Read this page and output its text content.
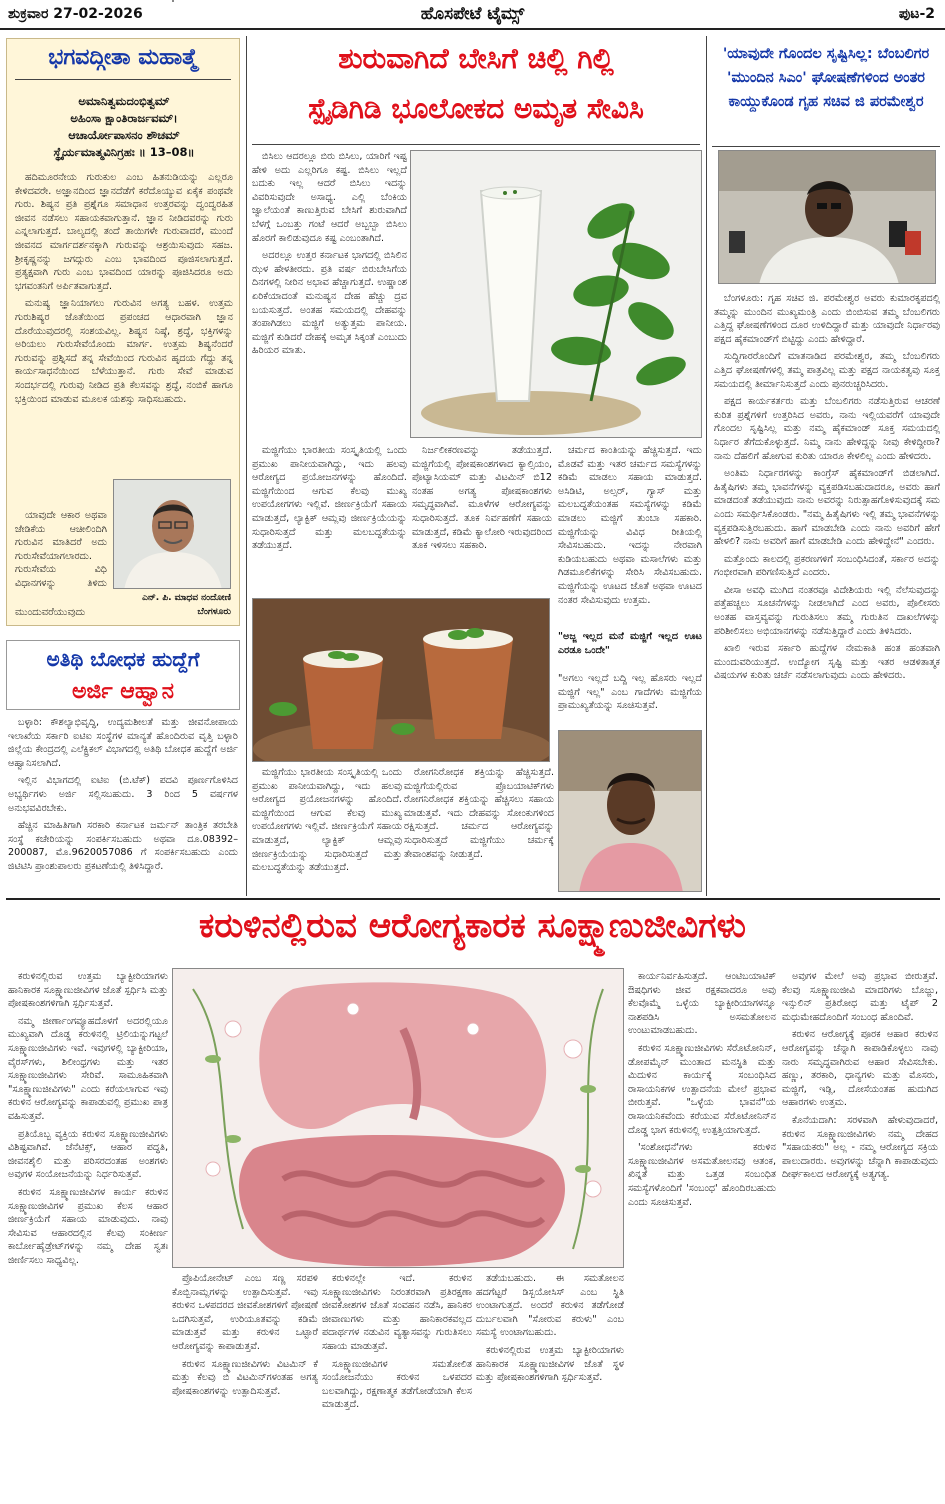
ಹೊಸಪೇಟೆ ಟೈಮ್ಸ್
ಶುಕ್ರವಾರ 27-02-2026	ಪುಟ-2
ಭಗವದ್ಗೀತಾ ಮಹಾತ್ಮೆ
ಅಮಾನಿತ್ವಮದಂಭಿತ್ವಮ್
ಅಹಿಂಸಾ ಕ್ಷಾಂತಿರಾರ್ಜವಮ್।
ಆಚಾರ್ಯೋಪಾಸನಂ ಶೌಚಮ್
ಸ್ಥೈರ್ಯಮಾತ್ಮವಿನಿಗ್ರಹಃ ॥ 13–08॥

ಹದಿಮೂರನೇಯ ಗುರುಕುಲ ಎಂಬ ಹಿತನುಡಿಯನ್ನು ಎಲ್ಲರೂ ಕೇಳಿದವರೇ. ಅಜ್ಞಾನದಿಂದ ಜ್ಞಾನದೆಡೆಗೆ ಕರೆದೊಯ್ಯುವ ಏಕೈಕ ಪಂಥವೇ ಗುರು. ಶಿಷ್ಯನ ಪ್ರತಿ ಪ್ರಶ್ನೆಗೂ ಸಮಾಧಾನ ಉತ್ತರವನ್ನು ದ್ವಂದ್ವರಹಿತ ಜೀವನ ನಡೆಸಲು ಸಹಾಯಕವಾಗುತ್ತಾನೆ. ಜ್ಞಾನ ನೀಡಿದವರನ್ನು ಗುರು ಎನ್ನಲಾಗುತ್ತದೆ. ಬಾಲ್ಯದಲ್ಲಿ ತಂದೆ ತಾಯಿಗಳೇ ಗುರುವಾದರೆ, ಮುಂದೆ ಜೀವನದ ಮಾರ್ಗದರ್ಶನಕ್ಕಾಗಿ ಗುರುವನ್ನು ಆಶ್ರಯಿಸುವುದು ಸಹಜ. ಶ್ರೀಕೃಷ್ಣನನ್ನು ಜಗದ್ಗುರು ಎಂಬ ಭಾವದಿಂದ ಪೂಜಿಸಲಾಗುತ್ತದೆ. ಪ್ರತ್ಯಕ್ಷವಾಗಿ ಗುರು ಎಂಬ ಭಾವದಿಂದ ಯಾರನ್ನು ಪೂಜಿಸಿದರೂ ಅದು ಭಗವಂತನಿಗೆ ಅರ್ಪಿತವಾಗುತ್ತದೆ.

ಮನುಷ್ಯ ಜ್ಞಾನಿಯಾಗಲು ಗುರುವಿನ ಅಗತ್ಯ ಬಹಳ. ಉತ್ತಮ ಗುರುಶಿಷ್ಯರ ಜೊತೆಯಿಂದ ಪ್ರಪಂಚದ ಆಧಾರವಾಗಿ ಜ್ಞಾನ ದೊರೆಯುವುದರಲ್ಲಿ ಸಂಶಯವಿಲ್ಲ. ಶಿಷ್ಯನ ನಿಷ್ಠೆ, ಶ್ರದ್ಧೆ, ಭಕ್ತಿಗಳನ್ನು ಅರಿಯಲು ಗುರುಸೇವೆಯೊಂದು ಮಾರ್ಗ. ಉತ್ತಮ ಶಿಷ್ಯನೆಂದರೆ ಗುರುವನ್ನು ಪ್ರಶ್ನಿಸದೆ ತನ್ನ ಸೇವೆಯಿಂದ ಗುರುವಿನ ಹೃದಯ ಗೆದ್ದು ತನ್ನ ಕಾರ್ಯಸಾಧನೆಯಿಂದ ಬೆಳೆಯುತ್ತಾನೆ. ಗುರು ಸೇವೆ ಮಾಡುವ ಸಂದರ್ಭದಲ್ಲಿ ಗುರುವು ನೀಡಿದ ಪ್ರತಿ ಕೆಲಸವನ್ನು ಶ್ರದ್ಧೆ, ನಂಬಿಕೆ ಹಾಗೂ ಭಕ್ತಿಯಿಂದ ಮಾಡುವ ಮೂಲಕ ಯಶಸ್ಸು ಸಾಧಿಸಬಹುದು.

ಯಾವುದೇ ಆಕಾರ ಅಥವಾ ಜೇಡಿಕೆಯ ಆಚೀಲಿಂದಿಗಿ ಗುರುವಿನ ಮಾತಿದರೆ ಅದು ಗುರುಸೇವೆಯಾಗಲಾರದು. ಗುರುಸೇವೆಯ ವಿಧಿ ವಿಧಾನಗಳನ್ನು ತಿಳಿದು

ಎನ್. ಪಿ. ಮಾಧವ ನಂದೋಣಿ
ಬೆಂಗಳೂರು
ಮುಂದುವರೆಯುವುದು
ಅತಿಥಿ ಬೋಧಕ ಹುದ್ದೆಗೆ
ಅರ್ಜಿ ಆಹ್ವಾನ

ಬಳ್ಳಾರಿ: ಕೌಶಲ್ಯಾಭಿವೃದ್ಧಿ, ಉದ್ಯಮಶೀಲತೆ ಮತ್ತು ಜೀವನೋಪಾಯ ಇಲಾಖೆಯ ಸರ್ಕಾರಿ ಐಟಿಐ ಸಂಸ್ಥೆಗಳ ಮಾನ್ಯತೆ ಹೊಂದಿರುವ ವೃತ್ತಿ ಬಳ್ಳಾರಿ ಜಿಲ್ಲೆಯ ಕೇಂದ್ರದಲ್ಲಿ ಎಲೆಕ್ಟ್ರಿಕಲ್ ವಿಭಾಗದಲ್ಲಿ ಅತಿಥಿ ಬೋಧಕ ಹುದ್ದೆಗೆ ಅರ್ಜಿ ಆಹ್ವಾನಿಸಲಾಗಿದೆ.

ಇಲ್ಲಿನ ವಿಭಾಗದಲ್ಲಿ ಐಟಿಐ (ಬಿ.ಟೆಕ್) ಪದವಿ ಪೂರ್ಣಗೊಳಿಸಿದ ಅಭ್ಯರ್ಥಿಗಳು ಅರ್ಜಿ ಸಲ್ಲಿಸಬಹುದು. 3 ರಿಂದ 5 ವರ್ಷಗಳ ಅನುಭವವಿರಬೇಕು.

ಹೆಚ್ಚಿನ ಮಾಹಿತಿಗಾಗಿ ಸರಕಾರಿ ಕರ್ನಾಟಕ ಜರ್ಮನ್ ತಾಂತ್ರಿಕ ತರಬೇತಿ ಸಂಸ್ಥೆ ಕಚೇರಿಯನ್ನು ಸಂಪರ್ಕಿಸಬಹುದು ಅಥವಾ ದೂ.08392–200087, ಮೊ.9620057086 ಗೆ ಸಂಪರ್ಕಿಸಬಹುದು ಎಂದು ಜಿಟಿಟಿಸಿ ಪ್ರಾಂಶುಪಾಲರು ಪ್ರಕಟಣೆಯಲ್ಲಿ ತಿಳಿಸಿದ್ದಾರೆ.

ಶುರುವಾಗಿದೆ ಬೇಸಿಗೆ ಚಿಲ್ಲಿ ಗಿಲ್ಲಿ
ಸ್ಪೈಡಿಗಿಡಿ ಭೂಲೋಕದ ಅಮೃತ ಸೇವಿಸಿ

ಬಿಸಿಲು ಆದರಲ್ಲೂ ಬಿರು ಬಿಸಿಲು, ಯಾರಿಗೆ ಇಷ್ಟ ಹೇಳಿ ಅದು ಎಲ್ಲರಿಗೂ ಕಷ್ಟ. ಬಿಸಿಲು ಇಲ್ಲದೆ ಬದುಕು ಇಲ್ಲ ಆದರೆ ಬಿಸಿಲು ಇದನ್ನು ವಿವರಿಸುವುದೇ ಅಸಾಧ್ಯ. ಎಲ್ಲಿ ಬೆಂಕಿಯ ಜ್ವಾಲೆಯಂತೆ ಕಾಣುತ್ತಿರುವ ಬೇಸಿಗೆ ಶುರುವಾಗಿದೆ ಬೆಳಗ್ಗೆ ಒಂಬತ್ತು ಗಂಟೆ ಆದರೆ ಅಬ್ಬಬ್ಬಾ ಬಿಸಿಲು ಹೊರಗೆ ಕಾಲಿಡುವುದೂ ಕಷ್ಟ ಎಂಬಂತಾಗಿದೆ.

ಅದರಲ್ಲೂ ಉತ್ತರ ಕರ್ನಾಟಕ ಭಾಗದಲ್ಲಿ ಬಿಸಿಲಿನ ಝಳ ಹೇಳತೀರದು. ಪ್ರತಿ ವರ್ಷ ಬಿರುಬೇಸಿಗೆಯ ದಿನಗಳಲ್ಲಿ ನೀರಿನ ಅಭಾವ ಹೆಚ್ಚಾಗುತ್ತದೆ. ಉಷ್ಣಾಂಶ ಏರಿಕೆಯಾದಂತೆ ಮನುಷ್ಯನ ದೇಹ ಹೆಚ್ಚು ದ್ರವ ಬಯಸುತ್ತದೆ. ಅಂತಹ ಸಮಯದಲ್ಲಿ ದೇಹವನ್ನು ತಂಪಾಗಿಡಲು ಮಜ್ಜಿಗೆ ಅತ್ಯುತ್ತಮ ಪಾನೀಯ. ಮಜ್ಜಿಗೆ ಕುಡಿದರೆ ದೇಹಕ್ಕೆ ಅಮೃತ ಸಿಕ್ಕಂತೆ ಎಂಬುದು ಹಿರಿಯರ ಮಾತು.

ಮಜ್ಜಿಗೆಯು ಭಾರತೀಯ ಸಂಸ್ಕೃತಿಯಲ್ಲಿ ಒಂದು ಪ್ರಮುಖ ಪಾನೀಯವಾಗಿದ್ದು, ಇದು ಹಲವು ಆರೋಗ್ಯದ ಪ್ರಯೋಜನಗಳನ್ನು ಹೊಂದಿದೆ. ಮಜ್ಜಿಗೆಯಿಂದ ಆಗುವ ಕೆಲವು ಮುಖ್ಯ ಉಪಯೋಗಗಳು ಇಲ್ಲಿವೆ. ಜೀರ್ಣಕ್ರಿಯೆಗೆ ಸಹಾಯ ಮಾಡುತ್ತದೆ, ಲ್ಯಾಕ್ಟಿಕ್ ಆಮ್ಲವು ಜೀರ್ಣಕ್ರಿಯೆಯನ್ನು ಸುಧಾರಿಸುತ್ತದೆ ಮತ್ತು ಮಲಬದ್ಧತೆಯನ್ನು ತಡೆಯುತ್ತದೆ.

ನಿರ್ಜಲೀಕರಣವನ್ನು ತಡೆಯುತ್ತದೆ. ಮಜ್ಜಿಗೆಯಲ್ಲಿ ಪೋಷಕಾಂಶಗಳಾದ ಕ್ಯಾಲ್ಸಿಯಂ, ಪೊಟ್ಯಾಸಿಯಮ್ ಮತ್ತು ವಿಟಮಿನ್ ಬಿ12 ನಂತಹ ಅಗತ್ಯ ಪೋಷಕಾಂಶಗಳು ಸಮೃದ್ಧವಾಗಿವೆ. ಮೂಳೆಗಳ ಆರೋಗ್ಯವನ್ನು ಸುಧಾರಿಸುತ್ತದೆ. ತೂಕ ನಿರ್ವಹಣೆಗೆ ಸಹಾಯ ಮಾಡುತ್ತದೆ, ಕಡಿಮೆ ಕ್ಯಾಲೋರಿ ಇರುವುದರಿಂದ ತೂಕ ಇಳಿಸಲು ಸಹಕಾರಿ.

ಚರ್ಮದ ಕಾಂತಿಯನ್ನು ಹೆಚ್ಚಿಸುತ್ತದೆ. ಇದು ಮೊಡವೆ ಮತ್ತು ಇತರ ಚರ್ಮದ ಸಮಸ್ಯೆಗಳನ್ನು ಕಡಿಮೆ ಮಾಡಲು ಸಹಾಯ ಮಾಡುತ್ತದೆ. ಅಸಿಡಿಟಿ, ಅಲ್ಸರ್, ಗ್ಯಾಸ್ ಮತ್ತು ಮಲಬದ್ಧತೆಯಂತಹ ಸಮಸ್ಯೆಗಳನ್ನು ಕಡಿಮೆ ಮಾಡಲು ಮಜ್ಜಿಗೆ ತುಂಬಾ ಸಹಕಾರಿ. ಮಜ್ಜಿಗೆಯನ್ನು ವಿವಿಧ ರೀತಿಯಲ್ಲಿ ಸೇವಿಸಬಹುದು. ಇದನ್ನು ನೇರವಾಗಿ ಕುಡಿಯಬಹುದು ಅಥವಾ ಮಸಾಲೆಗಳು ಮತ್ತು ಗಿಡಮೂಲಿಕೆಗಳನ್ನು ಸೇರಿಸಿ ಸೇವಿಸಬಹುದು. ಮಜ್ಜಿಗೆಯನ್ನು ಊಟದ ಜೊತೆ ಅಥವಾ ಊಟದ ನಂತರ ಸೇವಿಸುವುದು ಉತ್ತಮ.

"ಅಜ್ಜ ಇಲ್ಲದ ಮನೆ ಮಜ್ಜಿಗೆ ಇಲ್ಲದ ಊಟ ಎರಡೂ ಒಂದೇ"
"ಅಗಲು ಇಲ್ಲದೆ ಬದ್ದಿ ಇಲ್ಲ ಹೊಸರು ಇಲ್ಲದೆ ಮಜ್ಜಿಗೆ ಇಲ್ಲ" ಎಂಬ ಗಾದೆಗಳು ಮಜ್ಜಿಗೆಯ ಪ್ರಾಮುಖ್ಯತೆಯನ್ನು ಸೂಚಿಸುತ್ತವೆ.

ಮಜ್ಜಿಗೆಯು ಭಾರತೀಯ ಸಂಸ್ಕೃತಿಯಲ್ಲಿ ಒಂದು ಪ್ರಮುಖ ಪಾನೀಯವಾಗಿದ್ದು, ಇದು ಹಲವು ಆರೋಗ್ಯದ ಪ್ರಯೋಜನಗಳನ್ನು ಹೊಂದಿದೆ. ಮಜ್ಜಿಗೆಯಿಂದ ಆಗುವ ಕೆಲವು ಮುಖ್ಯ ಉಪಯೋಗಗಳು ಇಲ್ಲಿವೆ. ಜೀರ್ಣಕ್ರಿಯೆಗೆ ಸಹಾಯ ಮಾಡುತ್ತದೆ, ಲ್ಯಾಕ್ಟಿಕ್ ಆಮ್ಲವು ಜೀರ್ಣಕ್ರಿಯೆಯನ್ನು ಸುಧಾರಿಸುತ್ತದೆ ಮತ್ತು ಮಲಬದ್ಧತೆಯನ್ನು ತಡೆಯುತ್ತದೆ.

ರೋಗನಿರೋಧಕ ಶಕ್ತಿಯನ್ನು ಹೆಚ್ಚಿಸುತ್ತದೆ. ಮಜ್ಜಿಗೆಯಲ್ಲಿರುವ ಪ್ರೊಬಯಾಟಿಕ್‌ಗಳು ರೋಗನಿರೋಧಕ ಶಕ್ತಿಯನ್ನು ಹೆಚ್ಚಿಸಲು ಸಹಾಯ ಮಾಡುತ್ತವೆ. ಇದು ದೇಹವನ್ನು ಸೋಂಕುಗಳಿಂದ ರಕ್ಷಿಸುತ್ತದೆ. ಚರ್ಮದ ಆರೋಗ್ಯವನ್ನು ಸುಧಾರಿಸುತ್ತದೆ ಮಜ್ಜಿಗೆಯು ಚರ್ಮಕ್ಕೆ ತೇವಾಂಶವನ್ನು ನೀಡುತ್ತದೆ.

'ಯಾವುದೇ ಗೊಂದಲ ಸೃಷ್ಟಿಸಿಲ್ಲ: ಬೆಂಬಲಿಗರ 'ಮುಂದಿನ ಸಿಎಂ' ಘೋಷಣೆಗಳಿಂದ ಅಂತರ ಕಾಯ್ದುಕೊಂಡ ಗೃಹ ಸಚಿವ ಜಿ ಪರಮೇಶ್ವರ

ಬೆಂಗಳೂರು: ಗೃಹ ಸಚಿವ ಜಿ. ಪರಮೇಶ್ವರ ಅವರು ಕುಮಾರಕೃಪದಲ್ಲಿ ತಮ್ಮನ್ನು ಮುಂದಿನ ಮುಖ್ಯಮಂತ್ರಿ ಎಂದು ಬಿಂಬಿಸುವ ತಮ್ಮ ಬೆಂಬಲಿಗರು ಎತ್ತಿದ್ದ ಘೋಷಣೆಗಳಿಂದ ದೂರ ಉಳಿದಿದ್ದಾರೆ ಮತ್ತು ಯಾವುದೇ ನಿರ್ಧಾರವು ಪಕ್ಷದ ಹೈಕಮಾಂಡ್‌ಗೆ ಬಿಟ್ಟಿದ್ದು ಎಂದು ಹೇಳಿದ್ದಾರೆ.

ಸುದ್ದಿಗಾರರೊಂದಿಗೆ ಮಾತನಾಡಿದ ಪರಮೇಶ್ವರ, ತಮ್ಮ ಬೆಂಬಲಿಗರು ಎತ್ತಿದ ಘೋಷಣೆಗಳಲ್ಲಿ ತಮ್ಮ ಪಾತ್ರವಿಲ್ಲ ಮತ್ತು ಪಕ್ಷದ ನಾಯಕತ್ವವು ಸೂಕ್ತ ಸಮಯದಲ್ಲಿ ತೀರ್ಮಾನಿಸುತ್ತದೆ ಎಂದು ಪುನರುಚ್ಚರಿಸಿದರು.

ಪಕ್ಷದ ಕಾರ್ಯಕರ್ತರು ಮತ್ತು ಬೆಂಬಲಿಗರು ನಡೆಸುತ್ತಿರುವ ಆಚರಣೆ ಕುರಿತ ಪ್ರಶ್ನೆಗಳಿಗೆ ಉತ್ತರಿಸಿದ ಅವರು, ನಾನು ಇಲ್ಲಿಯವರೆಗೆ ಯಾವುದೇ ಗೊಂದಲ ಸೃಷ್ಟಿಸಿಲ್ಲ ಮತ್ತು ನಮ್ಮ ಹೈಕಮಾಂಡ್ ಸೂಕ್ತ ಸಮಯದಲ್ಲಿ ನಿರ್ಧಾರ ತೆಗೆದುಕೊಳ್ಳುತ್ತದೆ. ನಿಮ್ಮ ನಾನು ಹೇಳಿದ್ದನ್ನು ನೀವು ಕೇಳಿದ್ದೀರಾ? ನಾನು ದೆಹಲಿಗೆ ಹೋಗುವ ಕುರಿತು ಯಾರೂ ಕೇಳಲಿಲ್ಲ ಎಂದು ಹೇಳಿದರು.

ಅಂತಿಮ ನಿರ್ಧಾರಗಳನ್ನು ಕಾಂಗ್ರೆಸ್ ಹೈಕಮಾಂಡ್‌ಗೆ ಬಿಡಲಾಗಿದೆ. ಹಿತೈಷಿಗಳು ತಮ್ಮ ಭಾವನೆಗಳನ್ನು ವ್ಯಕ್ತಪಡಿಸಬಹುದಾದರೂ, ಅವರು ಹಾಗೆ ಮಾಡದಂತೆ ತಡೆಯುವುದು ನಾನು ಅವರನ್ನು ನಿರುತ್ಸಾಹಗೊಳಿಸುವುದಕ್ಕೆ ಸಮ ಎಂದು ಸಮರ್ಥಿಸಿಕೊಂಡರು. "ನಮ್ಮ ಹಿತೈಷಿಗಳು ಇಲ್ಲಿ ತಮ್ಮ ಭಾವನೆಗಳನ್ನು ವ್ಯಕ್ತಪಡಿಸುತ್ತಿರಬಹುದು. ಹಾಗೆ ಮಾಡಬೇಡಿ ಎಂದು ನಾನು ಅವರಿಗೆ ಹೇಗೆ ಹೇಳಲಿ? ನಾನು ಅವರಿಗೆ ಹಾಗೆ ಮಾಡಬೇಡಿ ಎಂದು ಹೇಳಿದ್ದೇನೆ" ಎಂದರು.

ಮತ್ತೊಂದು ಕಾಲದಲ್ಲಿ ಪ್ರಕರಣಗಳಿಗೆ ಸಂಬಂಧಿಸಿದಂತೆ, ಸರ್ಕಾರ ಅದನ್ನು ಗಂಭೀರವಾಗಿ ಪರಿಗಣಿಸುತ್ತಿದೆ ಎಂದರು.

ವೀಸಾ ಅವಧಿ ಮುಗಿದ ನಂತರವೂ ವಿದೇಶಿಯರು ಇಲ್ಲಿ ನೆಲೆಸುವುದನ್ನು ಪತ್ತೆಹಚ್ಚಲು ಸೂಚನೆಗಳನ್ನು ನೀಡಲಾಗಿದೆ ಎಂದ ಅವರು, ಪೊಲೀಸರು ಅಂತಹ ವಾಸ್ತವ್ಯವನ್ನು ಗುರುತಿಸಲು ತಮ್ಮ ಗುರುತಿನ ದಾಖಲೆಗಳನ್ನು ಪರಿಶೀಲಿಸಲು ಅಭಿಯಾನಗಳನ್ನು ನಡೆಸುತ್ತಿದ್ದಾರೆ ಎಂದು ತಿಳಿಸಿದರು.

ಖಾಲಿ ಇರುವ ಸರ್ಕಾರಿ ಹುದ್ದೆಗಳ ನೇಮಕಾತಿ ಹಂತ ಹಂತವಾಗಿ ಮುಂದುವರಿಯುತ್ತದೆ. ಉದ್ಯೋಗ ಸೃಷ್ಟಿ ಮತ್ತು ಇತರ ಆಡಳಿತಾತ್ಮಕ ವಿಷಯಗಳ ಕುರಿತು ಚರ್ಚೆ ನಡೆಸಲಾಗುವುದು ಎಂದು ಹೇಳಿದರು.

ಕರುಳಿನಲ್ಲಿರುವ ಆರೋಗ್ಯಕಾರಕ ಸೂಕ್ಷ್ಮಾಣುಜೀವಿಗಳು

ಕರುಳಿನಲ್ಲಿರುವ ಉತ್ತಮ ಬ್ಯಾಕ್ಟೀರಿಯಾಗಳು ಹಾನಿಕಾರಕ ಸೂಕ್ಷ್ಮಾಣುಜೀವಿಗಳ ಜೊತೆ ಸ್ಪರ್ಧಿಸಿ ಮತ್ತು ಪೋಷಕಾಂಶಗಳಿಗಾಗಿ ಸ್ಪರ್ಧಿಸುತ್ತವೆ.

ನಮ್ಮ ಜೀರ್ಣಾಂಗವ್ಯೂಹದೊಳಗೆ ಅದರಲ್ಲಿಯೂ ಮುಖ್ಯವಾಗಿ ದೊಡ್ಡ ಕರುಳಿನಲ್ಲಿ ಟ್ರಿಲಿಯನ್ನುಗಟ್ಟಲೆ ಸೂಕ್ಷ್ಮಾಣುಜೀವಿಗಳು ಇವೆ. ಇವುಗಳಲ್ಲಿ ಬ್ಯಾಕ್ಟೀರಿಯಾ, ವೈರಸ್‌ಗಳು, ಶಿಲೀಂಧ್ರಗಳು ಮತ್ತು ಇತರ ಸೂಕ್ಷ್ಮಾಣುಜೀವಿಗಳು ಸೇರಿವೆ. ಸಾಮೂಹಿಕವಾಗಿ "ಸೂಕ್ಷ್ಮಾಣುಜೀವಿಗಳು" ಎಂದು ಕರೆಯಲಾಗುವ ಇವು ಕರುಳಿನ ಆರೋಗ್ಯವನ್ನು ಕಾಪಾಡುವಲ್ಲಿ ಪ್ರಮುಖ ಪಾತ್ರ ವಹಿಸುತ್ತವೆ.

ಪ್ರತಿಯೊಬ್ಬ ವ್ಯಕ್ತಿಯ ಕರುಳಿನ ಸೂಕ್ಷ್ಮಾಣುಜೀವಿಗಳು ವಿಶಿಷ್ಟವಾಗಿವೆ. ಜೆನೆಟಿಕ್ಸ್, ಆಹಾರ ಪದ್ಧತಿ, ಜೀವನಶೈಲಿ ಮತ್ತು ಪರಿಸರದಂತಹ ಅಂಶಗಳು ಅವುಗಳ ಸಂಯೋಜನೆಯನ್ನು ನಿರ್ಧರಿಸುತ್ತವೆ.

ಕರುಳಿನ ಸೂಕ್ಷ್ಮಾಣುಜೀವಿಗಳ ಕಾರ್ಯ ಕರುಳಿನ ಸೂಕ್ಷ್ಮಾಣುಜೀವಿಗಳ ಪ್ರಮುಖ ಕೆಲಸ ಆಹಾರ ಜೀರ್ಣಕ್ರಿಯೆಗೆ ಸಹಾಯ ಮಾಡುವುದು. ನಾವು ಸೇವಿಸುವ ಆಹಾರದಲ್ಲಿನ ಕೆಲವು ಸಂಕೀರ್ಣ ಕಾರ್ಬೋಹೈಡ್ರೇಟ್‌ಗಳನ್ನು ನಮ್ಮ ದೇಹ ಸ್ವತಃ ಜೀರ್ಣಿಸಲು ಸಾಧ್ಯವಿಲ್ಲ.

ಕಾರ್ಯನಿರ್ವಹಿಸುತ್ತದೆ. ಆಂಟಿಬಯಾಟಿಕ್ ಔಷಧಿಗಳು ಜೀವ ರಕ್ಷಕವಾದರೂ ಅವು ಕೆಲವೊಮ್ಮೆ ಒಳ್ಳೆಯ ಬ್ಯಾಕ್ಟೀರಿಯಾಗಳನ್ನೂ ನಾಶಪಡಿಸಿ ಅಸಮತೋಲನ ಉಂಟುಮಾಡಬಹುದು.

ಕರುಳಿನ ಸೂಕ್ಷ್ಮಾಣುಜೀವಿಗಳು ಸೆರೊಟೋನಿನ್, ಡೋಪಮೈನ್ ಮುಂತಾದ ಮನಸ್ಥಿತಿ ಮತ್ತು ಮಿದುಳಿನ ಕಾರ್ಯಕ್ಕೆ ಸಂಬಂಧಿಸಿದ ರಾಸಾಯನಿಕಗಳ ಉತ್ಪಾದನೆಯ ಮೇಲೆ ಪ್ರಭಾವ ಬೀರುತ್ತವೆ. "ಒಳ್ಳೆಯ ಭಾವನೆ"ಯ ರಾಸಾಯನಿಕವೆಂದು ಕರೆಯುವ ಸೆರೊಟೋನಿನ್‌ನ ದೊಡ್ಡ ಭಾಗ ಕರುಳಿನಲ್ಲಿ ಉತ್ಪತ್ತಿಯಾಗುತ್ತದೆ.

'ಸಂಶೋಧನೆ'ಗಳು ಕರುಳಿನ ಸೂಕ್ಷ್ಮಾಣುಜೀವಿಗಳ ಅಸಮತೋಲನವು ಆತಂಕ, ಖಿನ್ನತೆ ಮತ್ತು ಒತ್ತಡ ಸಂಬಂಧಿತ ಸಮಸ್ಯೆಗಳೊಂದಿಗೆ 'ಸಂಬಂಧ' ಹೊಂದಿರಬಹುದು ಎಂದು ಸೂಚಿಸುತ್ತವೆ.

ಅವುಗಳ ಮೇಲೆ ಅವು ಪ್ರಭಾವ ಬೀರುತ್ತವೆ. ಕೆಲವು ಸೂಕ್ಷ್ಮಾಣುಜೀವಿ ಮಾದರಿಗಳು ಬೊಜ್ಜು, ಇನ್ಸುಲಿನ್ ಪ್ರತಿರೋಧ ಮತ್ತು ಟೈಪ್ 2 ಮಧುಮೇಹದೊಂದಿಗೆ ಸಂಬಂಧ ಹೊಂದಿವೆ.

ಕರುಳಿನ ಆರೋಗ್ಯಕ್ಕೆ ಪೂರಕ ಆಹಾರ ಕರುಳಿನ ಆರೋಗ್ಯವನ್ನು ಚೆನ್ನಾಗಿ ಕಾಪಾಡಿಕೊಳ್ಳಲು ನಾವು ನಾರು ಸಮೃದ್ಧವಾಗಿರುವ ಆಹಾರ ಸೇವಿಸಬೇಕು. ಹಣ್ಣು, ತರಕಾರಿ, ಧಾನ್ಯಗಳು ಮತ್ತು ಮೊಸರು, ಮಜ್ಜಿಗೆ, ಇಡ್ಲಿ, ದೋಸೆಯಂತಹ ಹುದುಗಿದ ಆಹಾರಗಳು ಉತ್ತಮ.

ಕೊನೆಯದಾಗಿ: ಸರಳವಾಗಿ ಹೇಳುವುದಾದರೆ, ಕರುಳಿನ ಸೂಕ್ಷ್ಮಾಣುಜೀವಿಗಳು ನಮ್ಮ ದೇಹದ "ಸಹಾಯಕರು" ಅಲ್ಲ - ನಮ್ಮ ಆರೋಗ್ಯದ ಸಕ್ರಿಯ ಪಾಲುದಾರರು. ಅವುಗಳನ್ನು ಚೆನ್ನಾಗಿ ಕಾಪಾಡುವುದು ದೀರ್ಘಕಾಲದ ಆರೋಗ್ಯಕ್ಕೆ ಅತ್ಯಗತ್ಯ.

ಪ್ರೊಪಿಯೋನೇಟ್ ಎಂಬ ಸಣ್ಣ ಸರಪಳಿ ಕೊಬ್ಬಿನಾಮ್ಲಗಳನ್ನು ಉತ್ಪಾದಿಸುತ್ತವೆ. ಇವು ಕರುಳಿನ ಒಳಪದರದ ಜೀವಕೋಶಗಳಿಗೆ ಪೋಷಣೆ ಒದಗಿಸುತ್ತವೆ, ಉರಿಯೂತವನ್ನು ಕಡಿಮೆ ಮಾಡುತ್ತವೆ ಮತ್ತು ಕರುಳಿನ ಒಟ್ಟಾರೆ ಆರೋಗ್ಯವನ್ನು ಕಾಪಾಡುತ್ತವೆ.

ಕರುಳಿನ ಸೂಕ್ಷ್ಮಾಣುಜೀವಿಗಳು ವಿಟಮಿನ್ ಕೆ ಮತ್ತು ಕೆಲವು ಬಿ ವಿಟಮಿನ್‌ಗಳಂತಹ ಅಗತ್ಯ ಪೋಷಕಾಂಶಗಳನ್ನು ಉತ್ಪಾದಿಸುತ್ತವೆ.

ಕರುಳಿನಲ್ಲೇ ಇದೆ. ಕರುಳಿನ ಸೂಕ್ಷ್ಮಾಣುಜೀವಿಗಳು ನಿರಂತರವಾಗಿ ಪ್ರತಿರಕ್ಷಣಾ ಜೀವಕೋಶಗಳ ಜೊತೆ ಸಂವಹನ ನಡೆಸಿ, ಹಾನಿಕರ ಜೀವಾಣುಗಳು ಮತ್ತು ಹಾನಿಕಾರಕವಲ್ಲದ ಪದಾರ್ಥಗಳ ನಡುವಿನ ವ್ಯತ್ಯಾಸವನ್ನು ಗುರುತಿಸಲು ಸಹಾಯ ಮಾಡುತ್ತವೆ.

ಸೂಕ್ಷ್ಮಾಣುಜೀವಿಗಳ ಸಮತೋಲಿತ ಸಂಯೋಜನೆಯು ಕರುಳಿನ ಒಳಪದರ ಬಲವಾಗಿದ್ದು, ರಕ್ಷಣಾತ್ಮಕ ತಡೆಗೋಡೆಯಾಗಿ ಕೆಲಸ ಮಾಡುತ್ತದೆ.

ತಡೆಯಬಹುದು. ಈ ಸಮತೋಲನ ಹದಗೆಟ್ಟರೆ ಡಿಸ್ಬಯೋಸಿಸ್ ಎಂಬ ಸ್ಥಿತಿ ಉಂಟಾಗುತ್ತದೆ. ಅಂದರೆ ಕರುಳಿನ ತಡೆಗೋಡೆ ದುರ್ಬಲವಾಗಿ "ಸೋರುವ ಕರುಳು" ಎಂಬ ಸಮಸ್ಯೆ ಉಂಟಾಗಬಹುದು.

ಕರುಳಿನಲ್ಲಿರುವ ಉತ್ತಮ ಬ್ಯಾಕ್ಟೀರಿಯಾಗಳು ಹಾನಿಕಾರಕ ಸೂಕ್ಷ್ಮಾಣುಜೀವಿಗಳ ಜೊತೆ ಸ್ಥಳ ಮತ್ತು ಪೋಷಕಾಂಶಗಳಿಗಾಗಿ ಸ್ಪರ್ಧಿಸುತ್ತವೆ.
